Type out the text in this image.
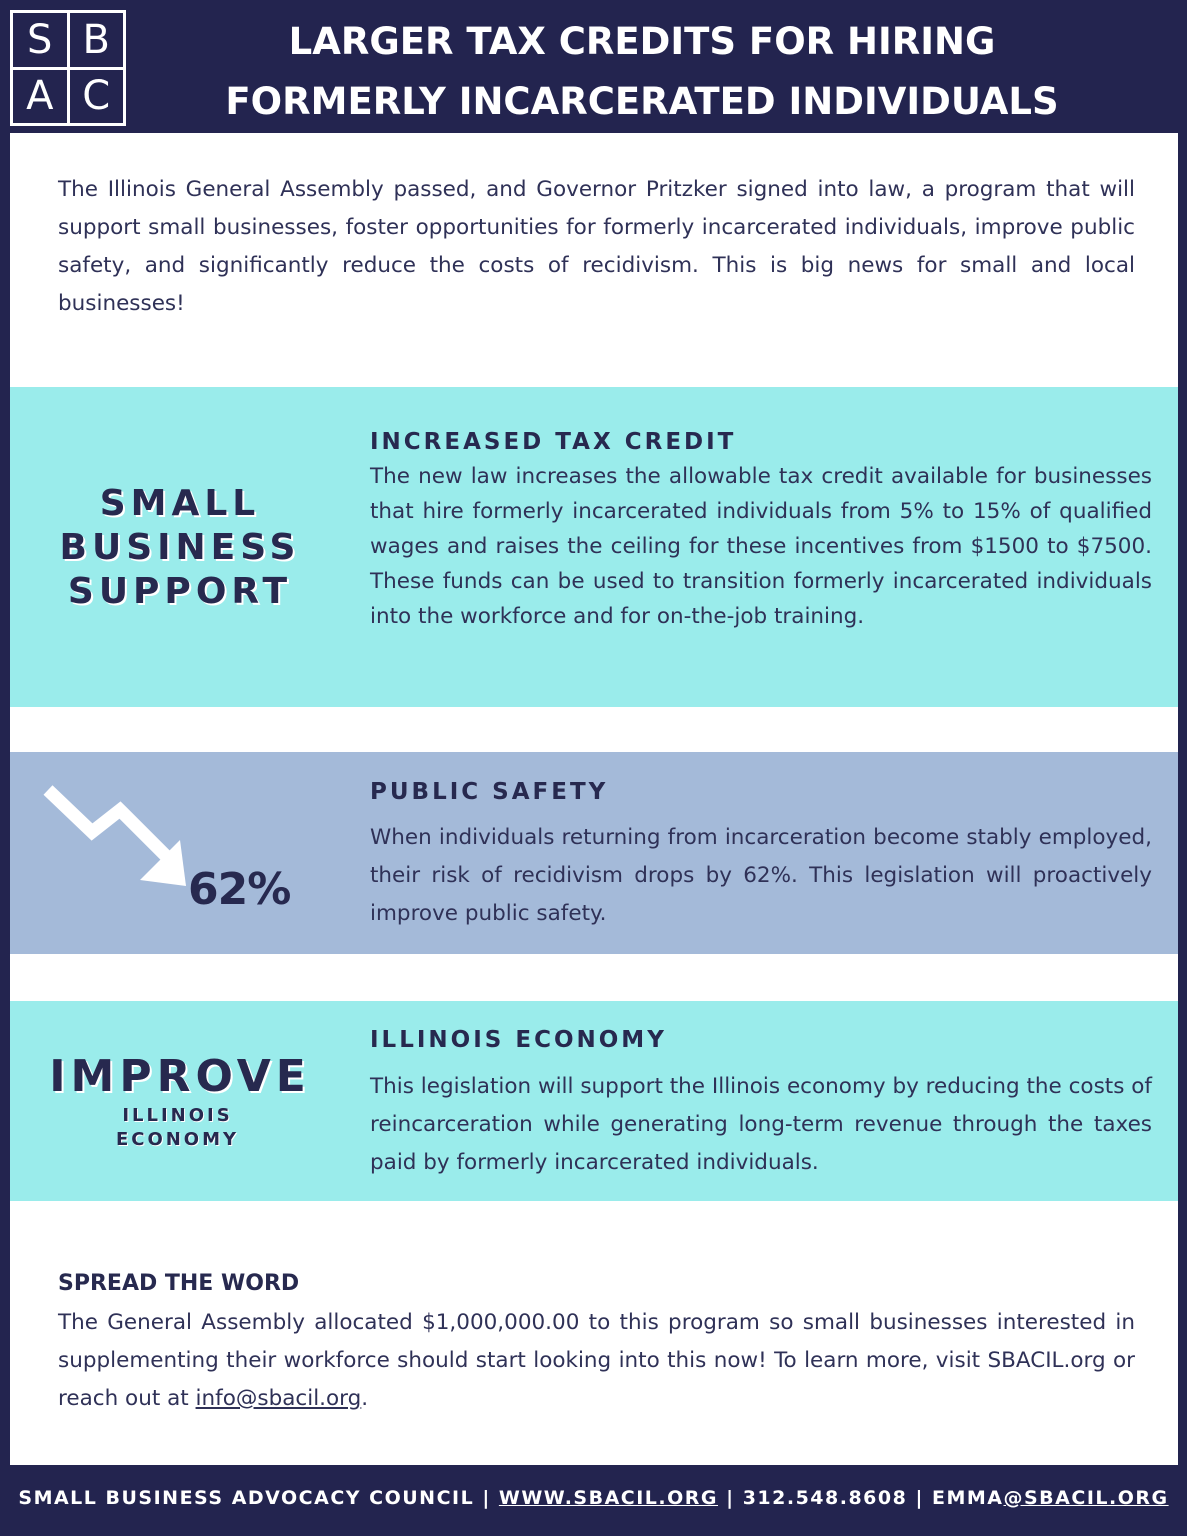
S B
A C
LARGER TAX CREDITS FOR HIRING
FORMERLY INCARCERATED INDIVIDUALS

The Illinois General Assembly passed, and Governor Pritzker signed into law, a program that will support small businesses, foster opportunities for formerly incarcerated individuals, improve public safety, and significantly reduce the costs of recidivism. This is big news for small and local businesses!

SMALL
BUSINESS
SUPPORT
INCREASED TAX CREDIT

The new law increases the allowable tax credit available for businesses that hire formerly incarcerated individuals from 5% to 15% of qualified wages and raises the ceiling for these incentives from $1500 to $7500. These funds can be used to transition formerly incarcerated individuals into the workforce and for on-the-job training.

62%
PUBLIC SAFETY

When individuals returning from incarceration become stably employed, their risk of recidivism drops by 62%. This legislation will proactively improve public safety.

IMPROVE
ILLINOIS
ECONOMY
ILLINOIS ECONOMY

This legislation will support the Illinois economy by reducing the costs of reincarceration while generating long-term revenue through the taxes paid by formerly incarcerated individuals.

SPREAD THE WORD

The General Assembly allocated $1,000,000.00 to this program so small businesses interested in supplementing their workforce should start looking into this now! To learn more, visit SBACIL.org or reach out at info@sbacil.org.

SMALL BUSINESS ADVOCACY COUNCIL | WWW.SBACIL.ORG | 312.548.8608 | EMMA@SBACIL.ORG
